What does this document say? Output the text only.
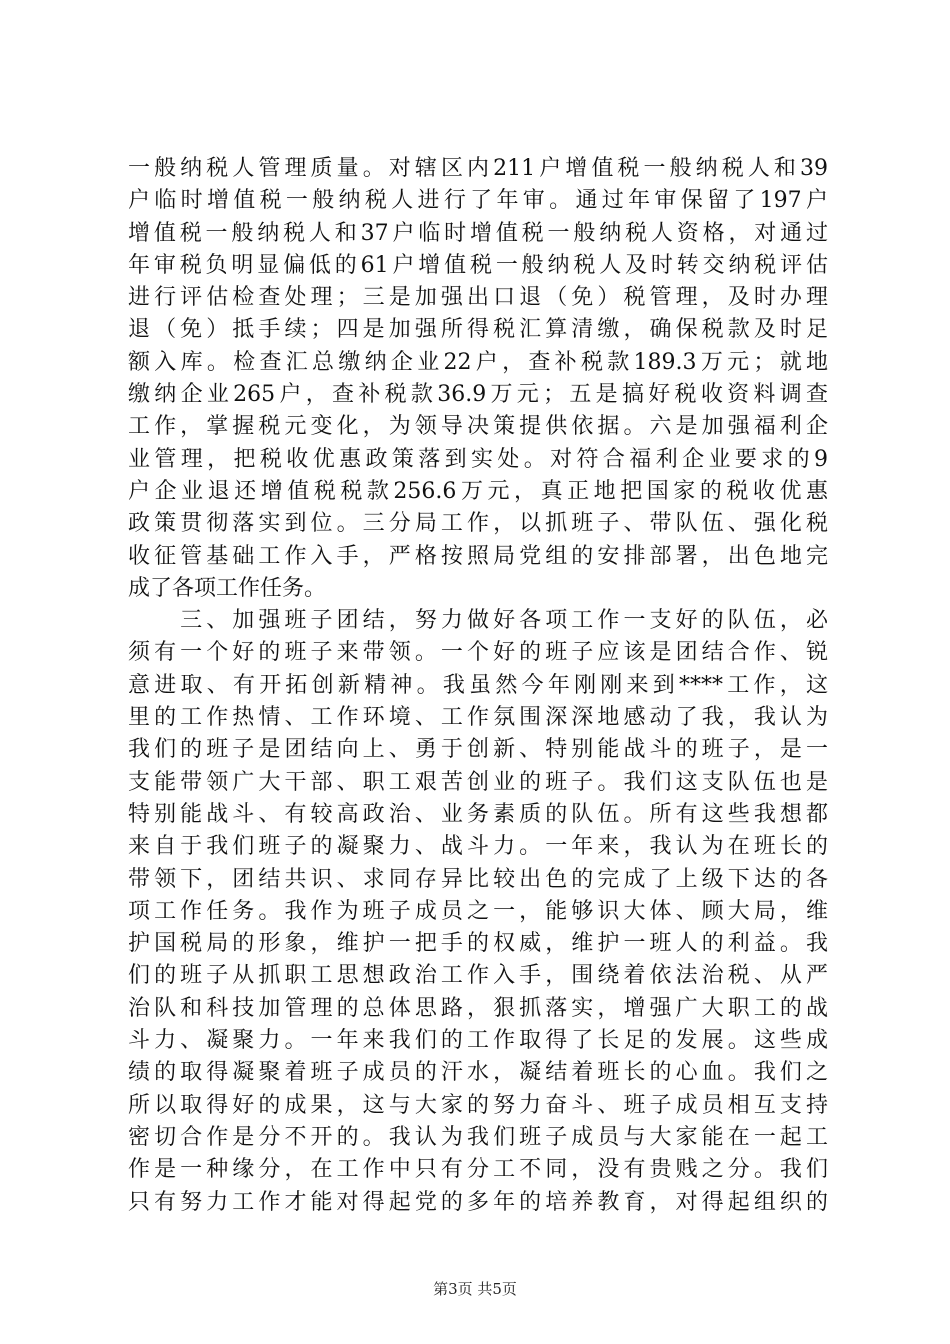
一般纳税人管理质量。对辖区内211户增值税一般纳税人和39
户临时增值税一般纳税人进行了年审。通过年审保留了197户
增值税一般纳税人和37户临时增值税一般纳税人资格，对通过
年审税负明显偏低的61户增值税一般纳税人及时转交纳税评估
进行评估检查处理；三是加强出口退（免）税管理，及时办理
退（免）抵手续；四是加强所得税汇算清缴，确保税款及时足
额入库。检查汇总缴纳企业22户，查补税款189.3万元；就地
缴纳企业265户，查补税款36.9万元；五是搞好税收资料调查
工作，掌握税元变化，为领导决策提供依据。六是加强福利企
业管理，把税收优惠政策落到实处。对符合福利企业要求的9
户企业退还增值税税款256.6万元，真正地把国家的税收优惠
政策贯彻落实到位。三分局工作，以抓班子、带队伍、强化税
收征管基础工作入手，严格按照局党组的安排部署，出色地完
成了各项工作任务。
　　三、加强班子团结，努力做好各项工作一支好的队伍，必
须有一个好的班子来带领。一个好的班子应该是团结合作、锐
意进取、有开拓创新精神。我虽然今年刚刚来到****工作，这
里的工作热情、工作环境、工作氛围深深地感动了我，我认为
我们的班子是团结向上、勇于创新、特别能战斗的班子，是一
支能带领广大干部、职工艰苦创业的班子。我们这支队伍也是
特别能战斗、有较高政治、业务素质的队伍。所有这些我想都
来自于我们班子的凝聚力、战斗力。一年来，我认为在班长的
带领下，团结共识、求同存异比较出色的完成了上级下达的各
项工作任务。我作为班子成员之一，能够识大体、顾大局，维
护国税局的形象，维护一把手的权威，维护一班人的利益。我
们的班子从抓职工思想政治工作入手，围绕着依法治税、从严
治队和科技加管理的总体思路，狠抓落实，增强广大职工的战
斗力、凝聚力。一年来我们的工作取得了长足的发展。这些成
绩的取得凝聚着班子成员的汗水，凝结着班长的心血。我们之
所以取得好的成果，这与大家的努力奋斗、班子成员相互支持
密切合作是分不开的。我认为我们班子成员与大家能在一起工
作是一种缘分，在工作中只有分工不同，没有贵贱之分。我们
只有努力工作才能对得起党的多年的培养教育，对得起组织的
第3页 共5页
